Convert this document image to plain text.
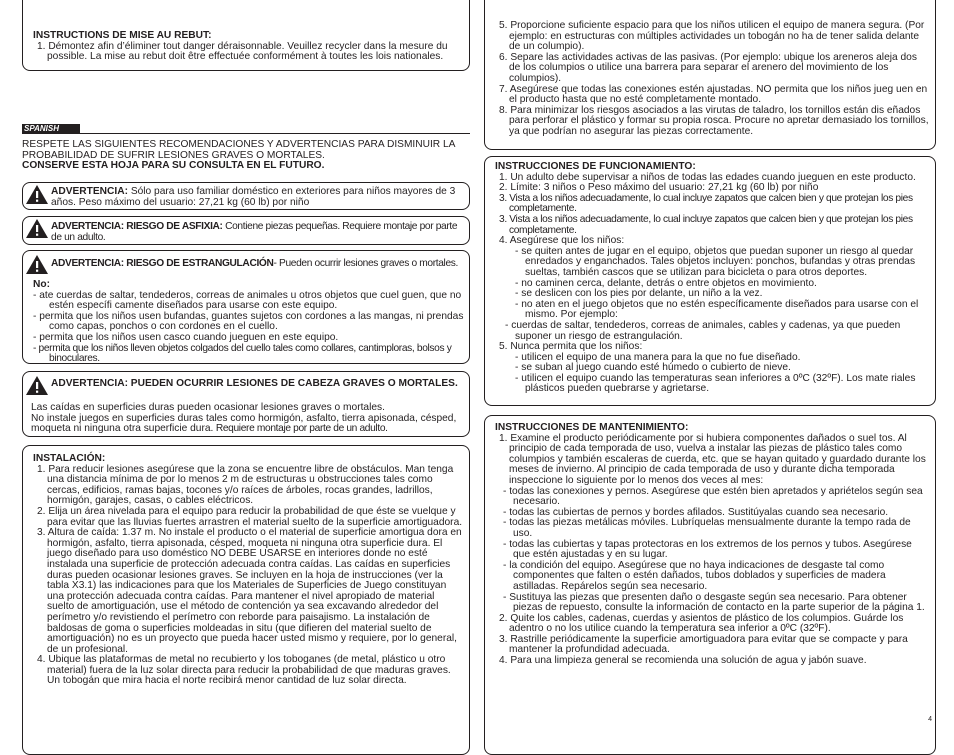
INSTRUCTIONS DE MISE AU REBUT:
1. Démontez afin d’éliminer tout danger déraisonnable. Veuillez recycler dans la mesure du possible. La mise au rebut doit être effectuée conformément à toutes les lois nationales.
SPANISH
RESPETE LAS SIGUIENTES RECOMENDACIONES Y ADVERTENCIAS PARA DISMINUIR LA PROBABILIDAD DE SUFRIR LESIONES GRAVES O MORTALES.
CONSERVE ESTA HOJA PARA SU CONSULTA EN EL FUTURO.
ADVERTENCIA: Sólo para uso familiar doméstico en exteriores para niños mayores de 3 años. Peso máximo del usuario: 27,21 kg (60 lb) por niño
ADVERTENCIA: RIESGO DE ASFIXIA: Contiene piezas pequeñas. Requiere montaje por parte de un adulto.
ADVERTENCIA: RIESGO DE ESTRANGULACIÓN- Pueden ocurrir lesiones graves o mortales.
No:
- ate cuerdas de saltar, tendederos, correas de animales u otros objetos que cuel guen, que no estén específi camente diseñados para usarse con este equipo.
- permita que los niños usen bufandas, guantes sujetos con cordones a las mangas, ni prendas como capas, ponchos o con cordones en el cuello.
- permita que los niños usen casco cuando jueguen en este equipo.
- permita que los niños lleven objetos colgados del cuello tales como collares, cantimploras, bolsos y binoculares.
ADVERTENCIA: PUEDEN OCURRIR LESIONES DE CABEZA GRAVES O MORTALES.
Las caídas en superficies duras pueden ocasionar lesiones graves o mortales.
No instale juegos en superficies duras tales como hormigón, asfalto, tierra apisonada, césped, moqueta ni ninguna otra superficie dura. Requiere montaje por parte de un adulto.
INSTALACIÓN:
1. Para reducir lesiones asegúrese que la zona se encuentre libre de obstáculos. Man tenga una distancia mínima de por lo menos 2 m de estructuras u obstrucciones tales como cercas, edificios, ramas bajas, tocones y/o raíces de árboles, rocas grandes, ladrillos, hormigón, garajes, casas, o cables eléctricos.
2. Elija un área nivelada para el equipo para reducir la probabilidad de que éste se vuelque y para evitar que las lluvias fuertes arrastren el material suelto de la superficie amortiguadora.
3. Altura de caída: 1.37 m. No instale el producto o el material de superficie amortigua dora en hormigón, asfalto, tierra apisonada, césped, moqueta ni ninguna otra superficie dura. El juego diseñado para uso doméstico NO DEBE USARSE en interiores donde no esté instalada una superficie de protección adecuada contra caídas. Las caídas en superficies duras pueden ocasionar lesiones graves. Se incluyen en la hoja de instrucciones (ver la tabla X3.1) las indicaciones para que los Materiales de Superficies de Juego constituyan una protección adecuada contra caídas. Para mantener el nivel apropiado de material suelto de amortiguación, use el método de contención ya sea excavando alrededor del perímetro y/o revistiendo el perímetro con reborde para paisajismo. La instalación de baldosas de goma o superficies moldeadas in situ (que difieren del material suelto de amortiguación) no es un proyecto que pueda hacer usted mismo y requiere, por lo general, de un profesional.
4. Ubique las plataformas de metal no recubierto y los toboganes (de metal, plástico u otro material) fuera de la luz solar directa para reducir la probabilidad de que maduras graves. Un tobogán que mira hacia el norte recibirá menor cantidad de luz solar directa.
5. Proporcione suficiente espacio para que los niños utilicen el equipo de manera segura. (Por ejemplo: en estructuras con múltiples actividades un tobogán no ha de tener salida delante de un columpio).
6. Separe las actividades activas de las pasivas. (Por ejemplo: ubique los areneros aleja dos de los columpios o utilice una barrera para separar el arenero del movimiento de los columpios).
7. Asegúrese que todas las conexiones estén ajustadas. NO permita que los niños jueg uen en el producto hasta que no esté completamente montado.
8. Para minimizar los riesgos asociados a las virutas de taladro, los tornillos están dis eñados para perforar el plástico y formar su propia rosca. Procure no apretar demasiado los tornillos, ya que podrían no asegurar las piezas correctamente.
INSTRUCCIONES DE FUNCIONAMIENTO:
1. Un adulto debe supervisar a niños de todas las edades cuando jueguen en este producto.
2. Límite: 3 niños o Peso máximo del usuario: 27,21 kg (60 lb) por niño
3. Vista a los niños adecuadamente, lo cual incluye zapatos que calcen bien y que protejan los pies completamente.
3. Vista a los niños adecuadamente, lo cual incluye zapatos que calcen bien y que protejan los pies completamente.
4. Asegúrese que los niños:
- se quiten antes de jugar en el equipo, objetos que puedan suponer un riesgo al quedar enredados y enganchados. Tales objetos incluyen: ponchos, bufandas y otras prendas sueltas, también cascos que se utilizan para bicicleta o para otros deportes.
- no caminen cerca, delante, detrás o entre objetos en movimiento.
- se deslicen con los pies por delante, un niño a la vez.
- no aten en el juego objetos que no estén específicamente diseñados para usarse con el mismo. Por ejemplo:
- cuerdas de saltar, tendederos, correas de animales, cables y cadenas, ya que pueden suponer un riesgo de estrangulación.
5. Nunca permita que los niños:
- utilicen el equipo de una manera para la que no fue diseñado.
- se suban al juego cuando esté húmedo o cubierto de nieve.
- utilicen el equipo cuando las temperaturas sean inferiores a 0ºC (32ºF). Los mate riales plásticos pueden quebrarse y agrietarse.
INSTRUCCIONES DE MANTENIMIENTO:
1. Examine el producto periódicamente por si hubiera componentes dañados o suel tos. Al principio de cada temporada de uso, vuelva a instalar las piezas de plástico tales como columpios y también escaleras de cuerda, etc. que se hayan quitado y guardado durante los meses de invierno. Al principio de cada temporada de uso y durante dicha temporada inspeccione lo siguiente por lo menos dos veces al mes:
- todas las conexiones y pernos. Asegúrese que estén bien apretados y apriételos según sea necesario.
- todas las cubiertas de pernos y bordes afilados. Sustitúyalas cuando sea necesario.
- todas las piezas metálicas móviles. Lubríquelas mensualmente durante la tempo rada de uso.
- todas las cubiertas y tapas protectoras en los extremos de los pernos y tubos. Asegúrese que estén ajustadas y en su lugar.
- la condición del equipo. Asegúrese que no haya indicaciones de desgaste tal como componentes que falten o estén dañados, tubos doblados y superficies de madera astilladas. Repárelos según sea necesario.
- Sustituya las piezas que presenten daño o desgaste según sea necesario. Para obtener piezas de repuesto, consulte la información de contacto en la parte superior de la página 1.
2. Quite los cables, cadenas, cuerdas y asientos de plástico de los columpios. Guárde los adentro o no los utilice cuando la temperatura sea inferior a 0ºC (32ºF).
3. Rastrille periódicamente la superficie amortiguadora para evitar que se compacte y para mantener la profundidad adecuada.
4. Para una limpieza general se recomienda una solución de agua y jabón suave.
4
